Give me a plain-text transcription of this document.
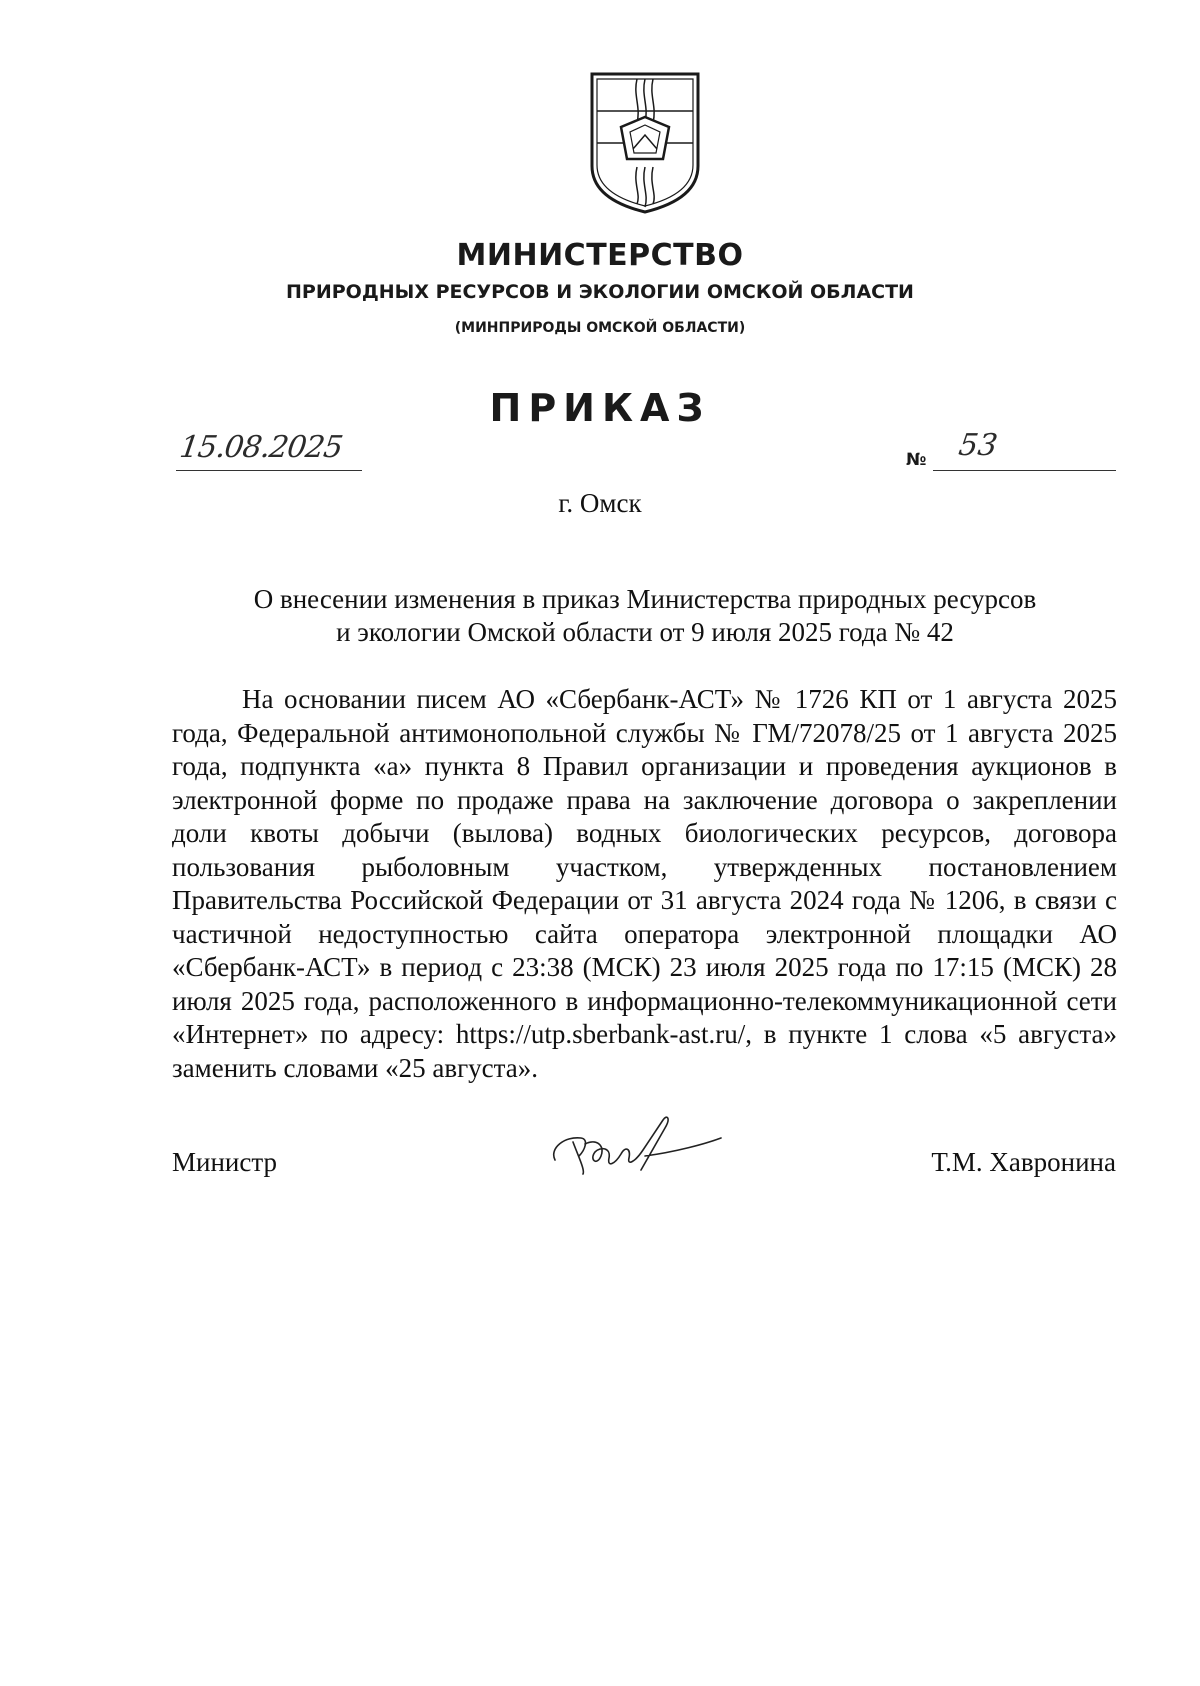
МИНИСТЕРСТВО
ПРИРОДНЫХ РЕСУРСОВ И ЭКОЛОГИИ ОМСКОЙ ОБЛАСТИ
(МИНПРИРОДЫ ОМСКОЙ ОБЛАСТИ)
ПРИКАЗ
15.08.2025	№ 53
г. Омск
О внесении изменения в приказ Министерства природных ресурсов
и экологии Омской области от 9 июля 2025 года № 42
На основании писем АО «Сбербанк-АСТ» № 1726 КП от 1 августа 2025 года, Федеральной антимонопольной службы № ГМ/72078/25 от 1 августа 2025 года, подпункта «а» пункта 8 Правил организации и проведения аукционов в электронной форме по продаже права на заключение договора о закреплении доли квоты добычи (вылова) водных биологических ресурсов, договора пользования рыболовным участком, утвержденных постановлением Правительства Российской Федерации от 31 августа 2024 года № 1206, в связи с частичной недоступностью сайта оператора электронной площадки АО «Сбербанк-АСТ» в период с 23:38 (МСК) 23 июля 2025 года по 17:15 (МСК) 28 июля 2025 года, расположенного в информационно-телекоммуникационной сети «Интернет» по адресу: https://utp.sberbank-ast.ru/, в пункте 1 слова «5 августа» заменить словами «25 августа».
Министр	Т.М. Хавронина
